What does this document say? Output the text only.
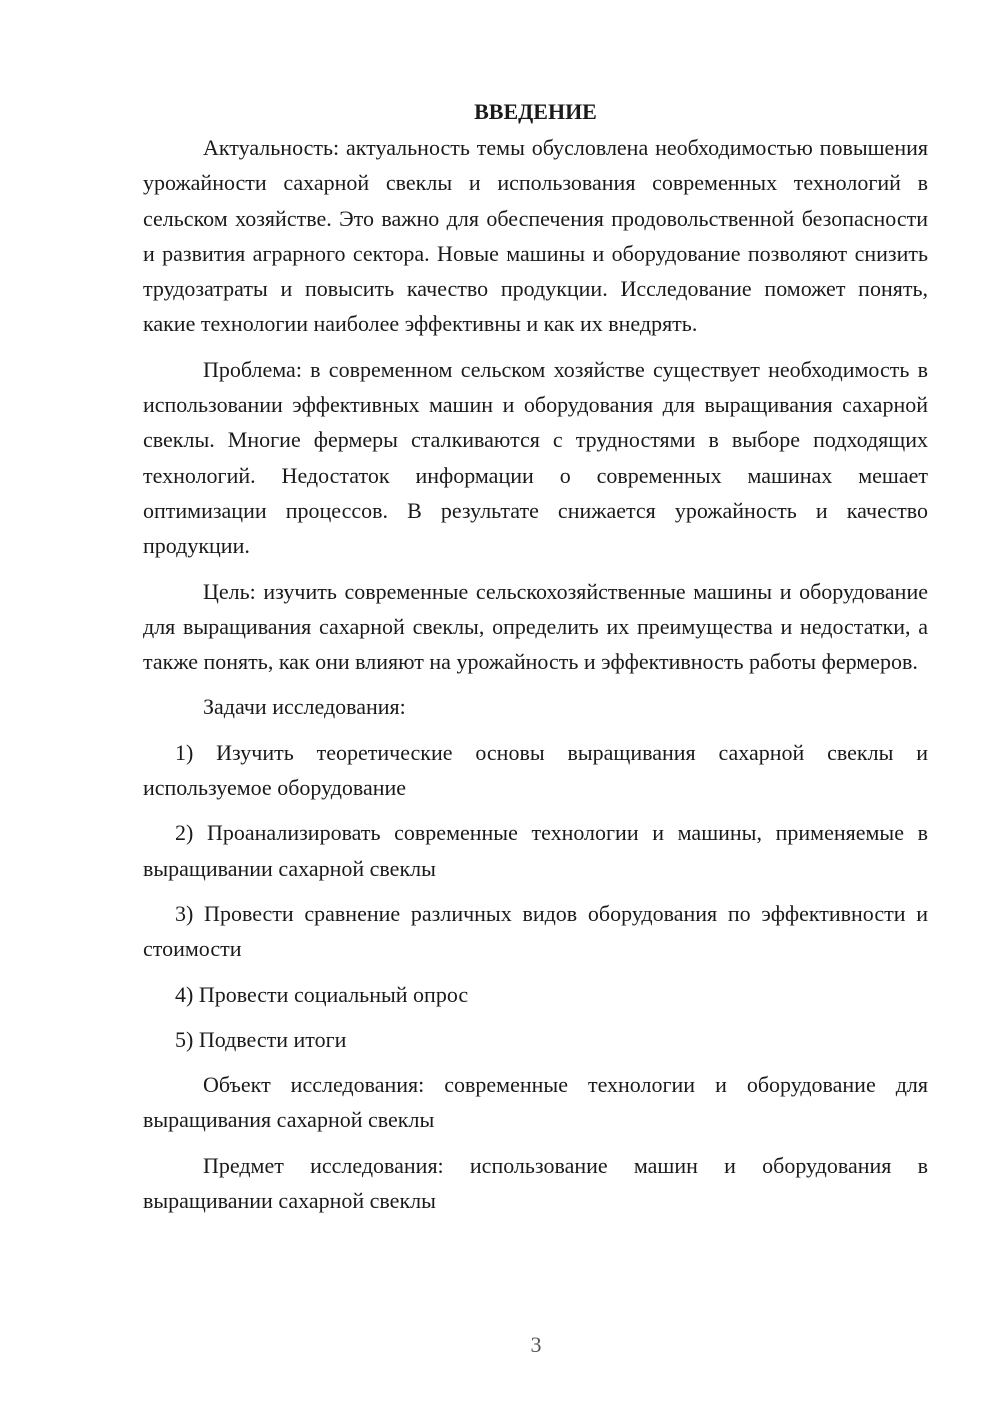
ВВЕДЕНИЕ

Актуальность: актуальность темы обусловлена необходимостью повышения урожайности сахарной свеклы и использования современных технологий в сельском хозяйстве. Это важно для обеспечения продовольственной безопасности и развития аграрного сектора. Новые машины и оборудование позволяют снизить трудозатраты и повысить качество продукции. Исследование поможет понять, какие технологии наиболее эффективны и как их внедрять.

Проблема: в современном сельском хозяйстве существует необходимость в использовании эффективных машин и оборудования для выращивания сахарной свеклы. Многие фермеры сталкиваются с трудностями в выборе подходящих технологий. Недостаток информации о современных машинах мешает оптимизации процессов. В результате снижается урожайность и качество продукции.

Цель: изучить современные сельскохозяйственные машины и оборудование для выращивания сахарной свеклы, определить их преимущества и недостатки, а также понять, как они влияют на урожайность и эффективность работы фермеров.

Задачи исследования:

1) Изучить теоретические основы выращивания сахарной свеклы и используемое оборудование

2) Проанализировать современные технологии и машины, применяемые в выращивании сахарной свеклы

3) Провести сравнение различных видов оборудования по эффективности и стоимости

4) Провести социальный опрос

5) Подвести итоги

Объект исследования: современные технологии и оборудование для выращивания сахарной свеклы

Предмет исследования: использование машин и оборудования в выращивании сахарной свеклы

3
